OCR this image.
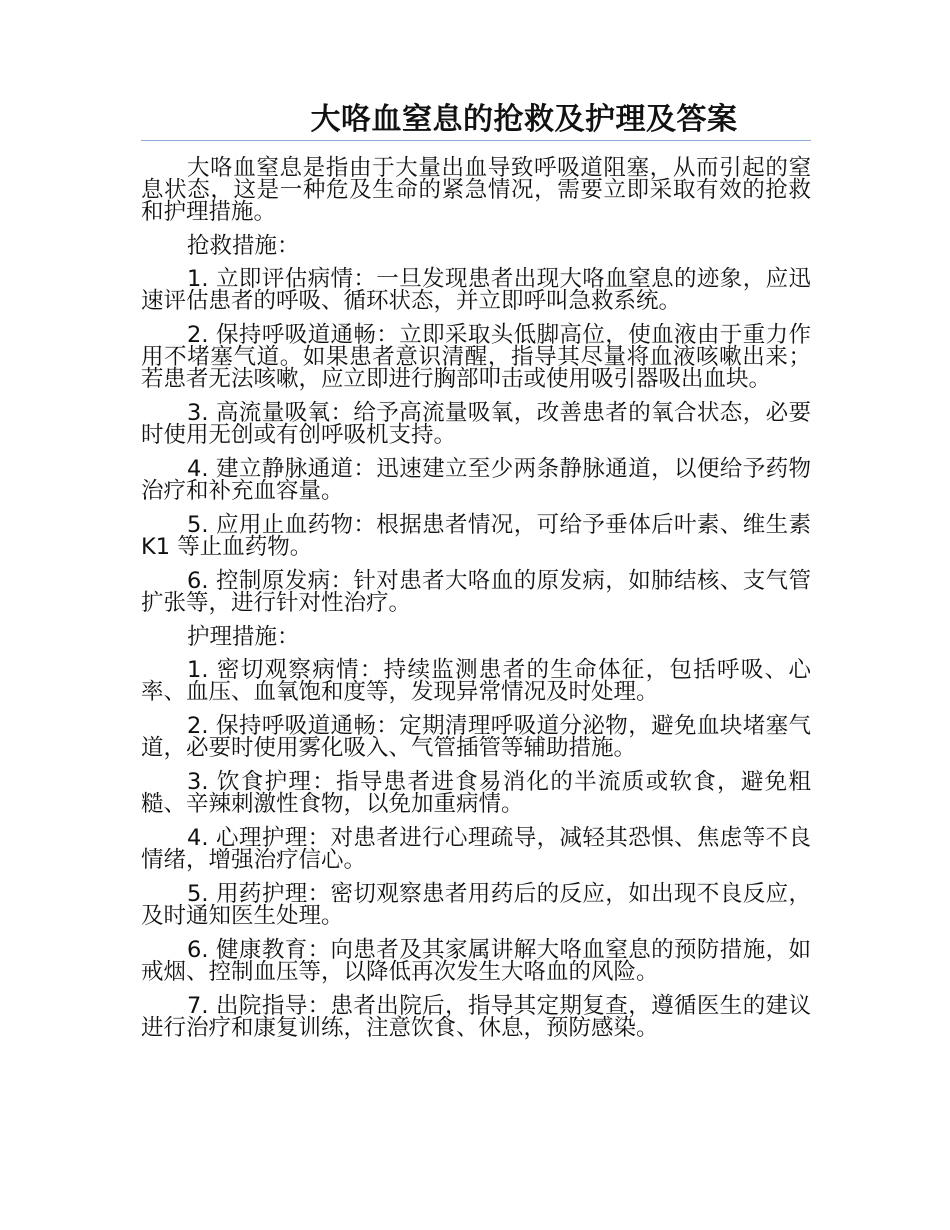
大咯血窒息的抢救及护理及答案

大咯血窒息是指由于大量出血导致呼吸道阻塞，从而引起的窒息状态，这是一种危及生命的紧急情况，需要立即采取有效的抢救和护理措施。

抢救措施：

1. 立即评估病情：一旦发现患者出现大咯血窒息的迹象，应迅速评估患者的呼吸、循环状态，并立即呼叫急救系统。

2. 保持呼吸道通畅：立即采取头低脚高位，使血液由于重力作用不堵塞气道。如果患者意识清醒，指导其尽量将血液咳嗽出来；若患者无法咳嗽，应立即进行胸部叩击或使用吸引器吸出血块。

3. 高流量吸氧：给予高流量吸氧，改善患者的氧合状态，必要时使用无创或有创呼吸机支持。

4. 建立静脉通道：迅速建立至少两条静脉通道，以便给予药物治疗和补充血容量。

5. 应用止血药物：根据患者情况，可给予垂体后叶素、维生素 K1 等止血药物。

6. 控制原发病：针对患者大咯血的原发病，如肺结核、支气管扩张等，进行针对性治疗。

护理措施：

1. 密切观察病情：持续监测患者的生命体征，包括呼吸、心率、血压、血氧饱和度等，发现异常情况及时处理。

2. 保持呼吸道通畅：定期清理呼吸道分泌物，避免血块堵塞气道，必要时使用雾化吸入、气管插管等辅助措施。

3. 饮食护理：指导患者进食易消化的半流质或软食，避免粗糙、辛辣刺激性食物，以免加重病情。

4. 心理护理：对患者进行心理疏导，减轻其恐惧、焦虑等不良情绪，增强治疗信心。

5. 用药护理：密切观察患者用药后的反应，如出现不良反应，及时通知医生处理。

6. 健康教育：向患者及其家属讲解大咯血窒息的预防措施，如戒烟、控制血压等，以降低再次发生大咯血的风险。

7. 出院指导：患者出院后，指导其定期复查，遵循医生的建议进行治疗和康复训练，注意饮食、休息，预防感染。
